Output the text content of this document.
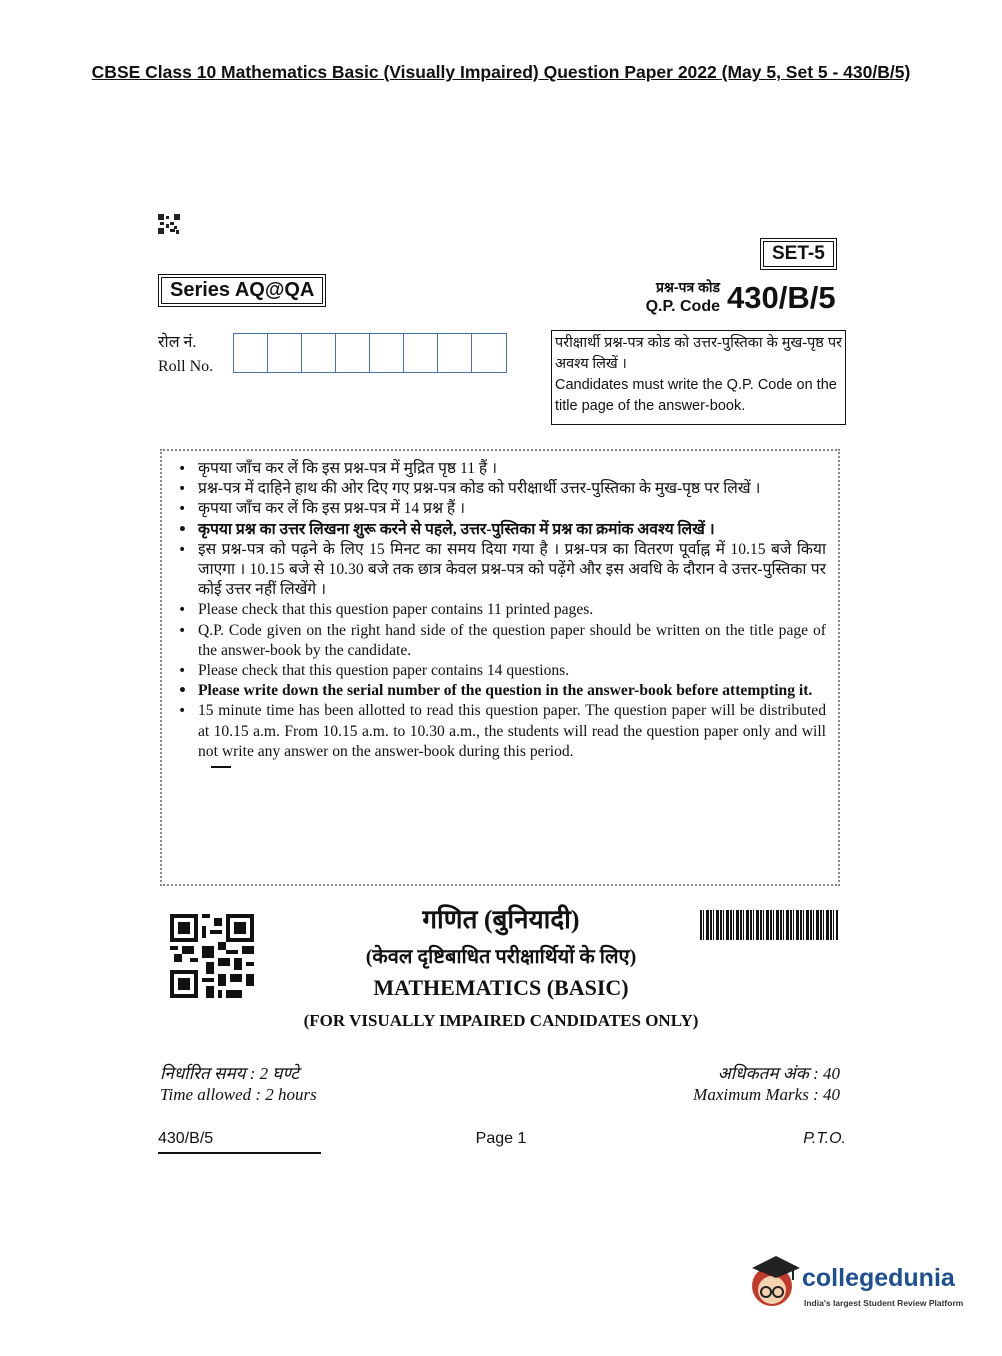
CBSE Class 10 Mathematics Basic (Visually Impaired) Question Paper 2022 (May 5, Set 5 - 430/B/5)
SET-5
Series AQ@QA	प्रश्न-पत्र कोड
Q.P. Code 430/B/5
रोल नं.
Roll No.
परीक्षार्थी प्रश्न-पत्र कोड को उत्तर-पुस्तिका के मुख-पृष्ठ पर अवश्य लिखें ।
Candidates must write the Q.P. Code on the title page of the answer-book.
• कृपया जाँच कर लें कि इस प्रश्न-पत्र में मुद्रित पृष्ठ 11 हैं ।
• प्रश्न-पत्र में दाहिने हाथ की ओर दिए गए प्रश्न-पत्र कोड को परीक्षार्थी उत्तर-पुस्तिका के मुख-पृष्ठ पर लिखें ।
• कृपया जाँच कर लें कि इस प्रश्न-पत्र में 14 प्रश्न हैं ।
• कृपया प्रश्न का उत्तर लिखना शुरू करने से पहले, उत्तर-पुस्तिका में प्रश्न का क्रमांक अवश्य लिखें ।
• इस प्रश्न-पत्र को पढ़ने के लिए 15 मिनट का समय दिया गया है । प्रश्न-पत्र का वितरण पूर्वाह्न में 10.15 बजे किया जाएगा । 10.15 बजे से 10.30 बजे तक छात्र केवल प्रश्न-पत्र को पढ़ेंगे और इस अवधि के दौरान वे उत्तर-पुस्तिका पर कोई उत्तर नहीं लिखेंगे ।
• Please check that this question paper contains 11 printed pages.
• Q.P. Code given on the right hand side of the question paper should be written on the title page of the answer-book by the candidate.
• Please check that this question paper contains 14 questions.
• Please write down the serial number of the question in the answer-book before attempting it.
• 15 minute time has been allotted to read this question paper. The question paper will be distributed at 10.15 a.m. From 10.15 a.m. to 10.30 a.m., the students will read the question paper only and will not write any answer on the answer-book during this period.
गणित (बुनियादी)
(केवल दृष्टिबाधित परीक्षार्थियों के लिए)
MATHEMATICS (BASIC)
(FOR VISUALLY IMPAIRED CANDIDATES ONLY)
निर्धारित समय : 2 घण्टे
Time allowed : 2 hours
अधिकतम अंक : 40
Maximum Marks : 40
430/B/5	Page 1	P.T.O.
collegedunia
India's largest Student Review Platform
